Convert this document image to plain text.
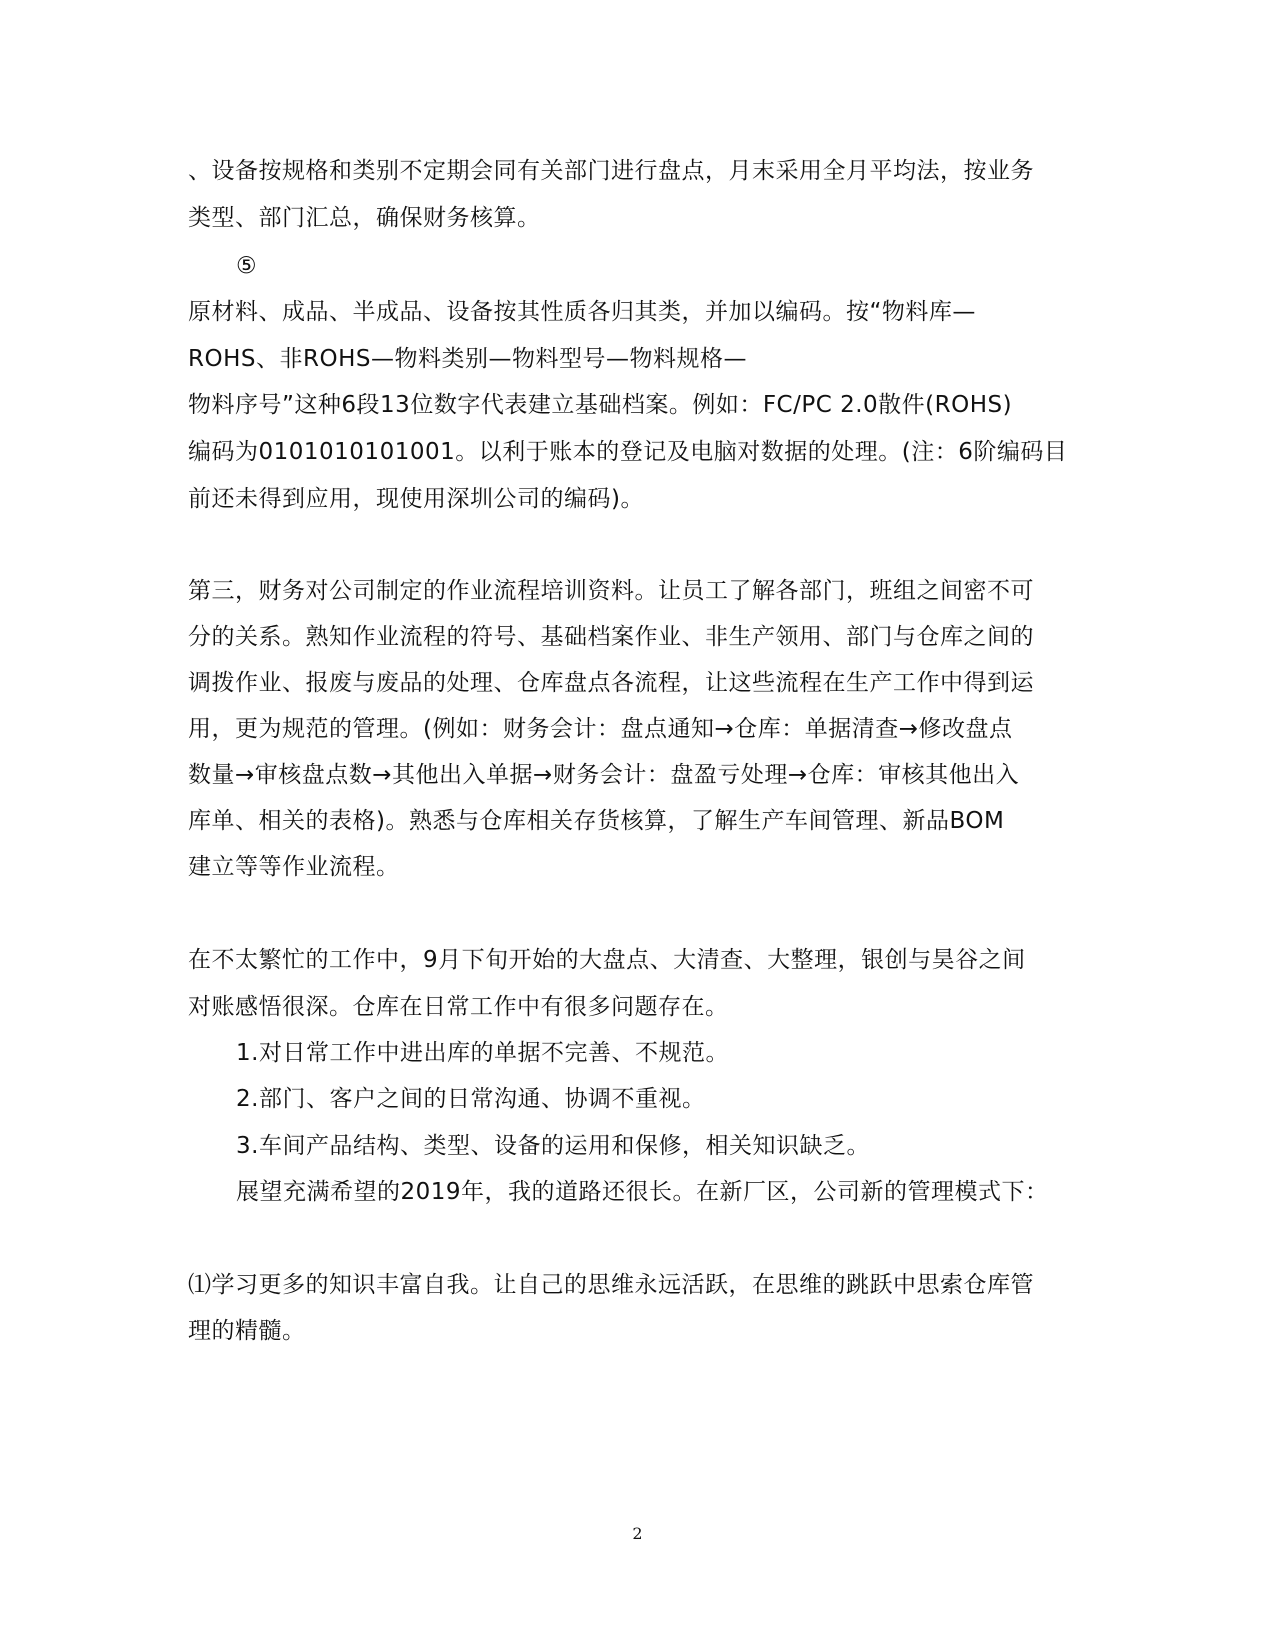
、设备按规格和类别不定期会同有关部门进行盘点，月末采用全月平均法，按业务
类型、部门汇总，确保财务核算。
⑤
原材料、成品、半成品、设备按其性质各归其类，并加以编码。按“物料库—
ROHS、非ROHS—物料类别—物料型号—物料规格—
物料序号”这种6段13位数字代表建立基础档案。例如：FC/PC 2.0散件(ROHS)
编码为0101010101001。以利于账本的登记及电脑对数据的处理。(注：6阶编码目
前还未得到应用，现使用深圳公司的编码)。
第三，财务对公司制定的作业流程培训资料。让员工了解各部门，班组之间密不可
分的关系。熟知作业流程的符号、基础档案作业、非生产领用、部门与仓库之间的
调拨作业、报废与废品的处理、仓库盘点各流程，让这些流程在生产工作中得到运
用，更为规范的管理。(例如：财务会计：盘点通知→仓库：单据清查→修改盘点
数量→审核盘点数→其他出入单据→财务会计：盘盈亏处理→仓库：审核其他出入
库单、相关的表格)。熟悉与仓库相关存货核算，了解生产车间管理、新品BOM
建立等等作业流程。
在不太繁忙的工作中，9月下旬开始的大盘点、大清查、大整理，银创与昊谷之间
对账感悟很深。仓库在日常工作中有很多问题存在。
1.对日常工作中进出库的单据不完善、不规范。
2.部门、客户之间的日常沟通、协调不重视。
3.车间产品结构、类型、设备的运用和保修，相关知识缺乏。
展望充满希望的2019年，我的道路还很长。在新厂区，公司新的管理模式下：
⑴学习更多的知识丰富自我。让自己的思维永远活跃，在思维的跳跃中思索仓库管
理的精髓。
2
